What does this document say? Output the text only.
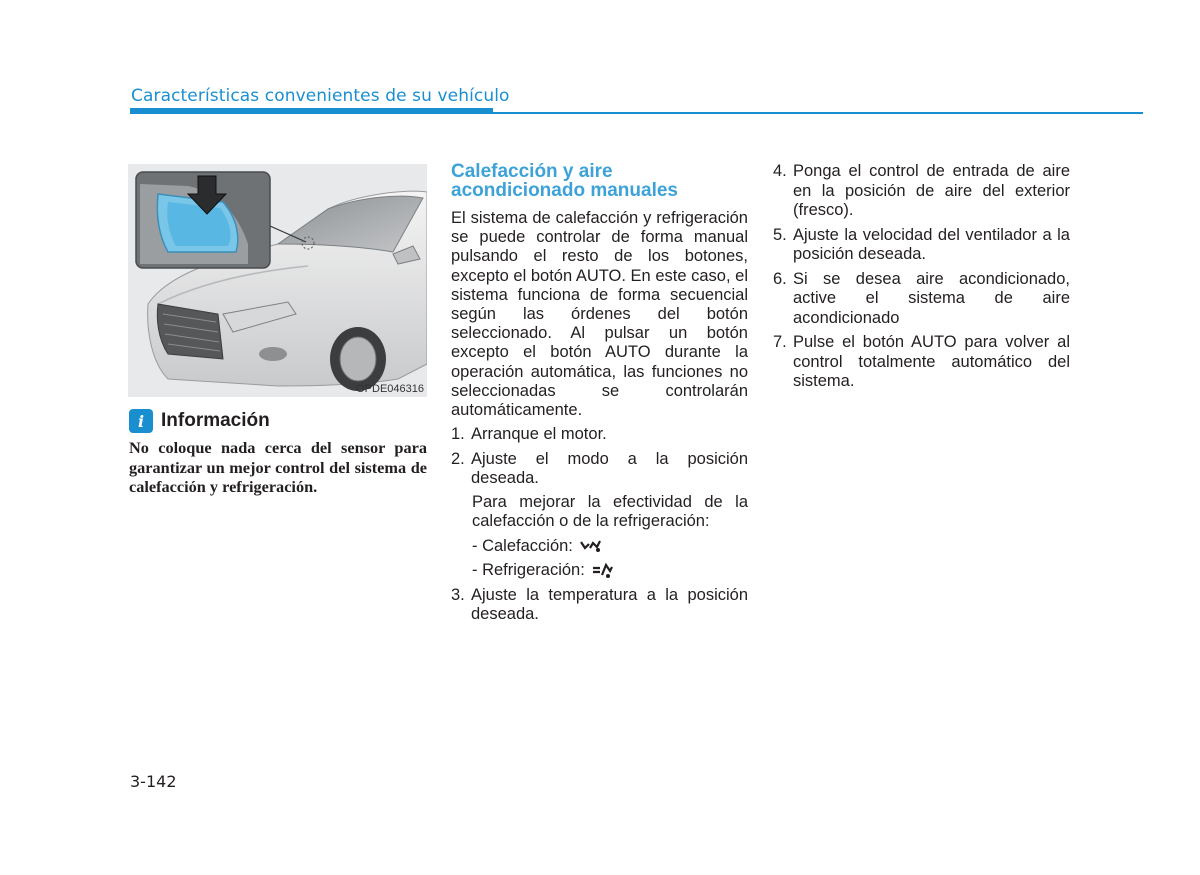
Características convenientes de su vehículo
OPDE046316
i Información
No coloque nada cerca del sensor para garantizar un mejor control del sistema de calefacción y refrigeración.
Calefacción y aire
acondicionado manuales
El sistema de calefacción y refrigeración se puede controlar de forma manual pulsando el resto de los botones, excepto el botón AUTO. En este caso, el sistema funciona de forma secuencial según las órdenes del botón seleccionado. Al pulsar un botón excepto el botón AUTO durante la operación automática, las funciones no seleccionadas se controlarán automáticamente.
1. Arranque el motor.
2. Ajuste el modo a la posición deseada.
Para mejorar la efectividad de la calefacción o de la refrigeración:
- Calefacción:
- Refrigeración:
3. Ajuste la temperatura a la posición deseada.
4. Ponga el control de entrada de aire en la posición de aire del exterior (fresco).
5. Ajuste la velocidad del ventilador a la posición deseada.
6. Si se desea aire acondicionado, active el sistema de aire acondicionado
7. Pulse el botón AUTO para volver al control totalmente automático del sistema.
3-142
